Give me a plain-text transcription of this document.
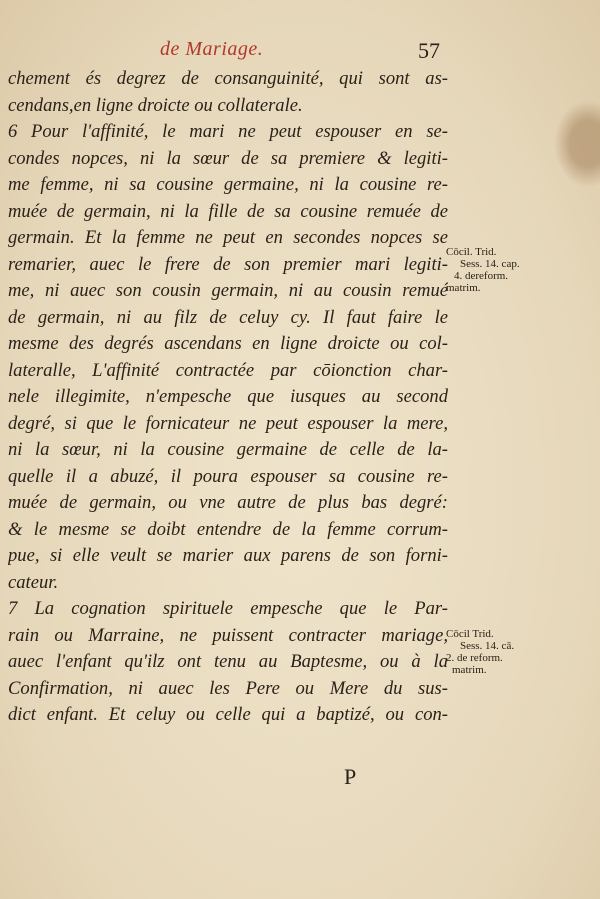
de Mariage.	57
chement és degrez de consanguinité, qui sont as-
cendans,en ligne droicte ou collaterale.
6 Pour l'affinité, le mari ne peut espouser en se-
condes nopces, ni la sœur de sa premiere & legiti-
me femme, ni sa cousine germaine, ni la cousine re-
muée de germain, ni la fille de sa cousine remuée de
germain. Et la femme ne peut en secondes nopces se
remarier, auec le frere de son premier mari legiti-
me, ni auec son cousin germain, ni au cousin remué
de germain, ni au filz de celuy cy. Il faut faire le
mesme des degrés ascendans en ligne droicte ou col-
lateralle, L'affinité contractée par cōionction char-
nele illegimite, n'empesche que iusques au second
degré, si que le fornicateur ne peut espouser la mere,
ni la sœur, ni la cousine germaine de celle de la-
quelle il a abuzé, il poura espouser sa cousine re-
muée de germain, ou vne autre de plus bas degré:
& le mesme se doibt entendre de la femme corrum-
pue, si elle veult se marier aux parens de son forni-
cateur.
7 La cognation spirituele empesche que le Par-
rain ou Marraine, ne puissent contracter mariage,
auec l'enfant qu'ilz ont tenu au Baptesme, ou à la
Confirmation, ni auec les Pere ou Mere du sus-
dict enfant. Et celuy ou celle qui a baptizé, ou con-
Cōcil. Trid.
Sess. 14. cap.
4. dereform.
matrim.
Cōcil Trid.
Sess. 14. cā.
2. de reform.
matrim.
P
